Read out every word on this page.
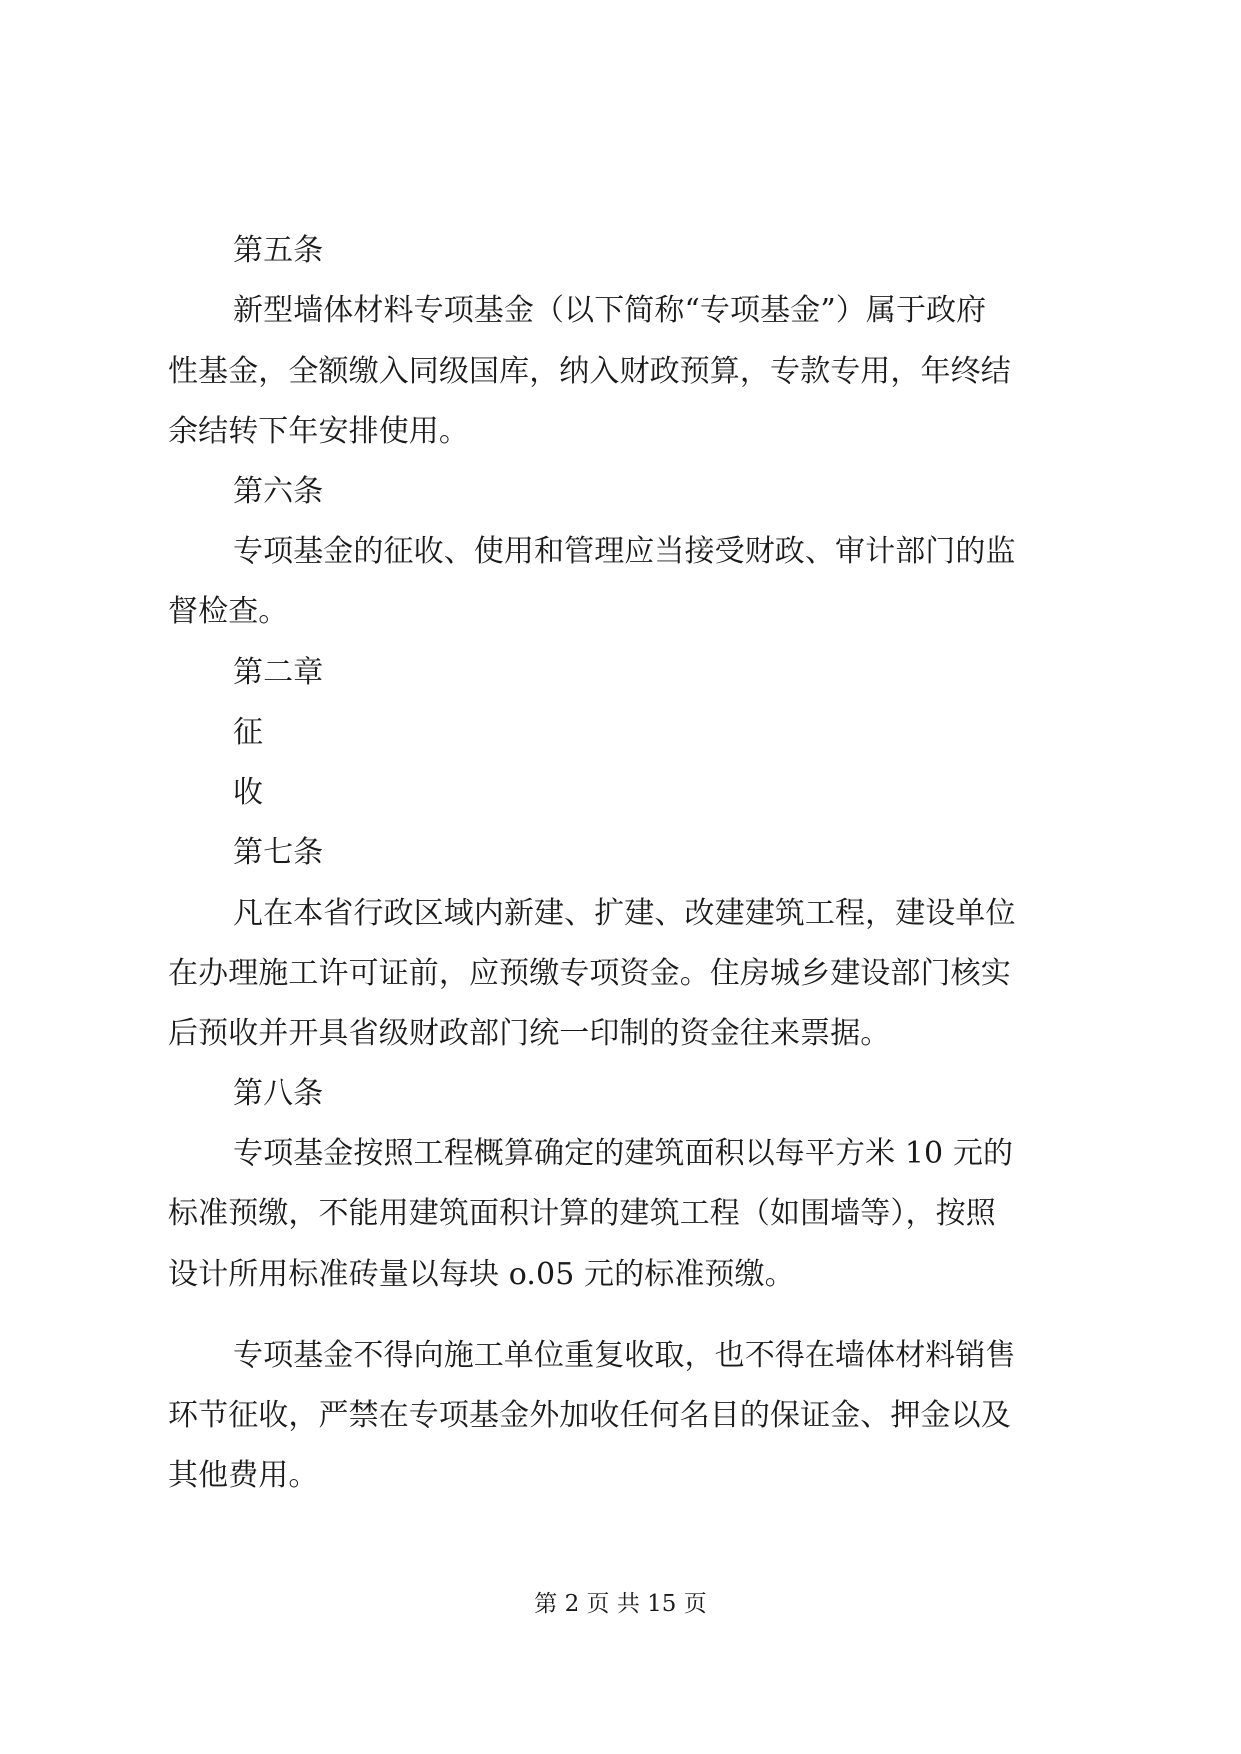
第五条
新型墙体材料专项基金（以下简称“专项基金”）属于政府
性基金，全额缴入同级国库，纳入财政预算，专款专用，年终结
余结转下年安排使用。
第六条
专项基金的征收、使用和管理应当接受财政、审计部门的监
督检查。
第二章
征
收
第七条
凡在本省行政区域内新建、扩建、改建建筑工程，建设单位
在办理施工许可证前，应预缴专项资金。住房城乡建设部门核实
后预收并开具省级财政部门统一印制的资金往来票据。
第八条
专项基金按照工程概算确定的建筑面积以每平方米 10 元的
标准预缴，不能用建筑面积计算的建筑工程（如围墙等），按照
设计所用标准砖量以每块 o.05 元的标准预缴。
专项基金不得向施工单位重复收取，也不得在墙体材料销售
环节征收，严禁在专项基金外加收任何名目的保证金、押金以及
其他费用。
第 2 页 共 15 页
